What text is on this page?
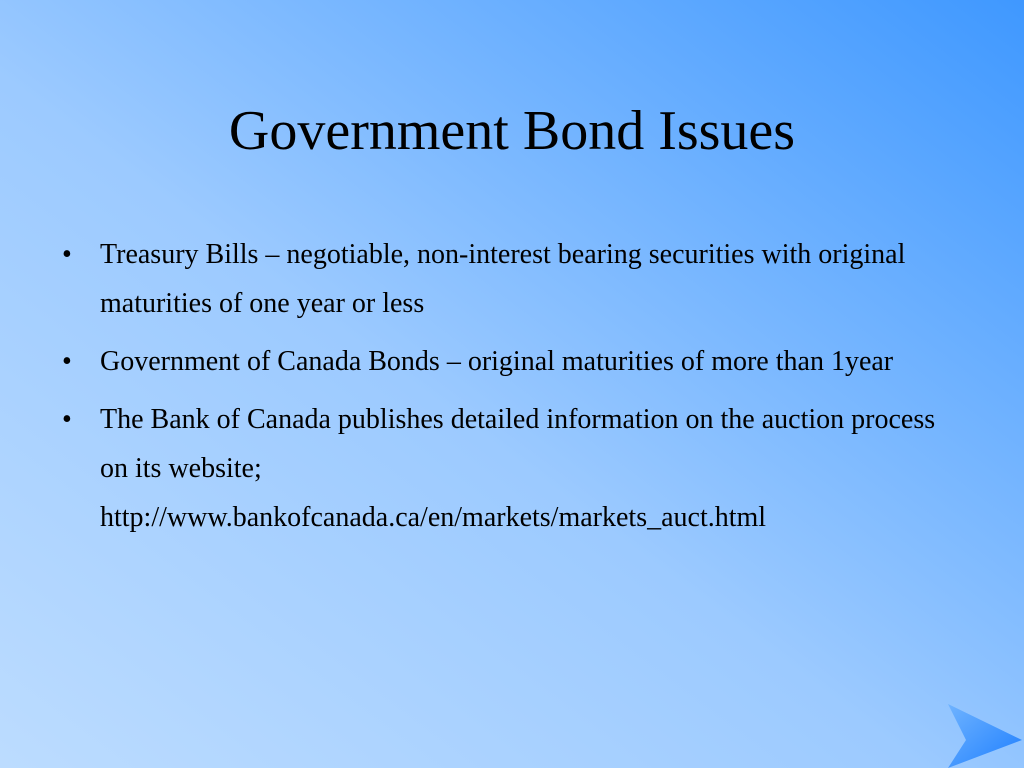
Government Bond Issues
• Treasury Bills – negotiable, non-interest bearing securities with original maturities of one year or less
• Government of Canada Bonds – original maturities of more than 1year
• The Bank of Canada publishes detailed information on the auction process on its website;
http://www.bankofcanada.ca/en/markets/markets_auct.html
